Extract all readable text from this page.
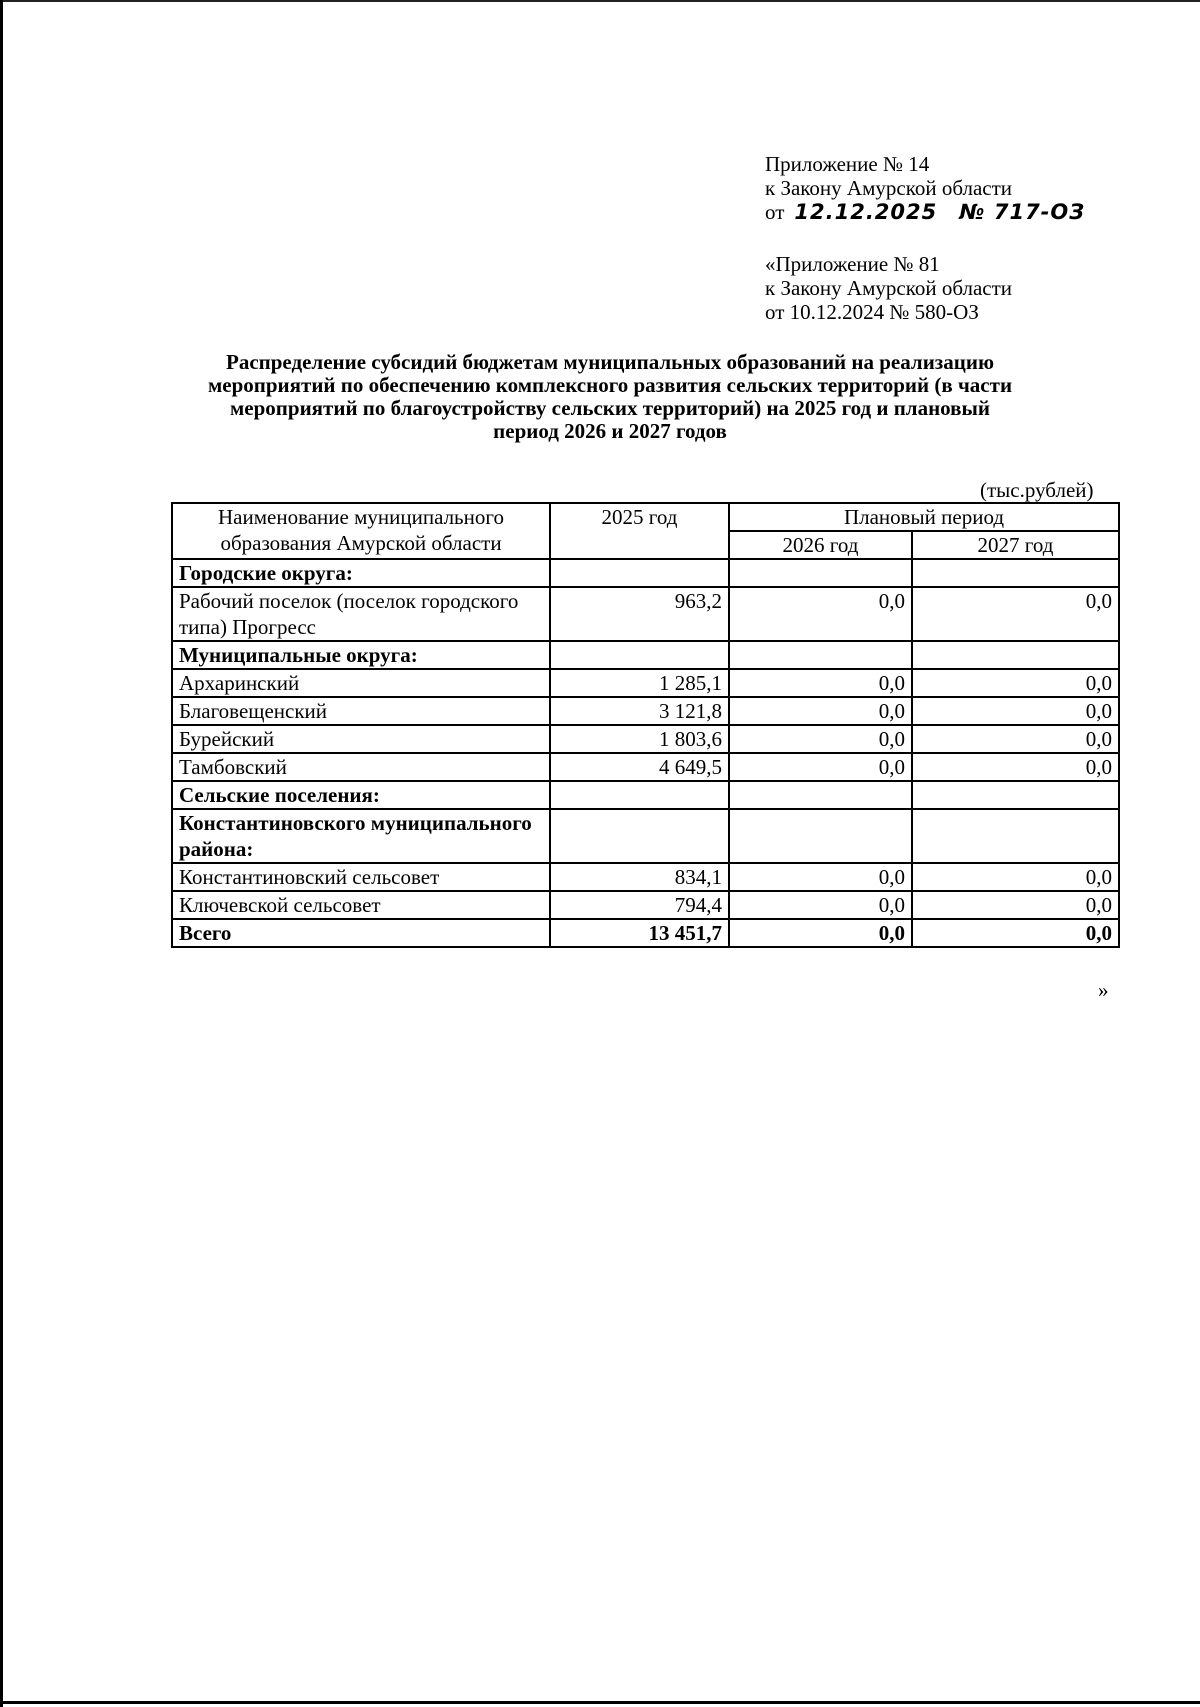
Приложение № 14
к Закону Амурской области
от 12.12.2025 № 717-ОЗ
«Приложение № 81
к Закону Амурской области
от 10.12.2024 № 580-ОЗ
Распределение субсидий бюджетам муниципальных образований на реализацию
мероприятий по обеспечению комплексного развития сельских территорий (в части
мероприятий по благоустройству сельских территорий) на 2025 год и плановый
период 2026 и 2027 годов
(тыс.рублей)
Наименование муниципального образования Амурской области	2025 год	Плановый период	
		2026 год	2027 год
Городские округа:			
Рабочий поселок (поселок городского типа) Прогресс	963,2	0,0	0,0
Муниципальные округа:			
Архаринский	1 285,1	0,0	0,0
Благовещенский	3 121,8	0,0	0,0
Бурейский	1 803,6	0,0	0,0
Тамбовский	4 649,5	0,0	0,0
Сельские поселения:			
Константиновского муниципального района:			
Константиновский сельсовет	834,1	0,0	0,0
Ключевской сельсовет	794,4	0,0	0,0
Всего	13 451,7	0,0	0,0
»
